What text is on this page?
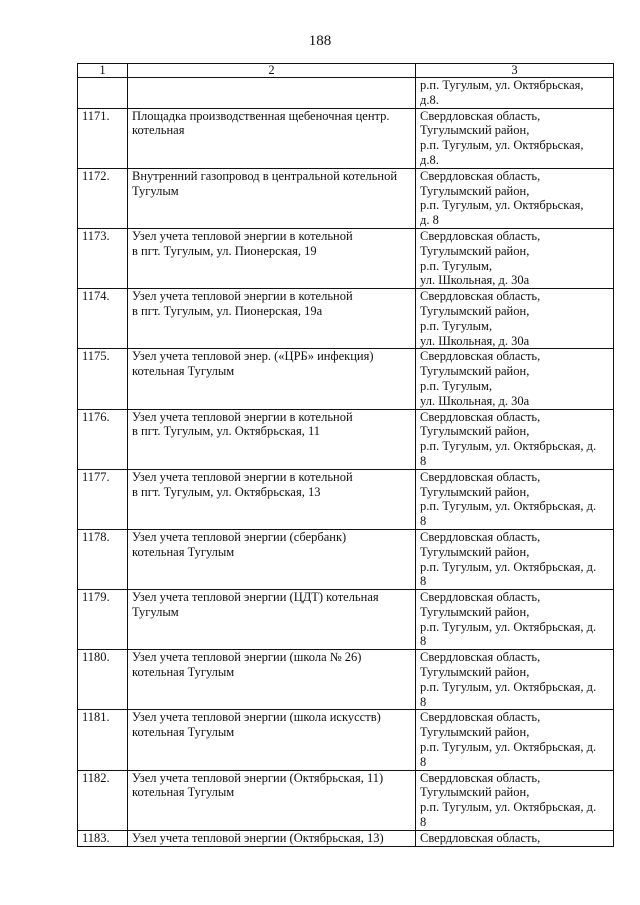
188
1	2	3

		р.п. Тугулым, ул. Октябрьская,
д.8.

1171.	Площадка производственная щебеночная центр.
котельная	Свердловская область,
Тугулымский район,
р.п. Тугулым, ул. Октябрьская,
д.8.

1172.	Внутренний газопровод в центральной котельной
Тугулым	Свердловская область,
Тугулымский район,
р.п. Тугулым, ул. Октябрьская,
д. 8

1173.	Узел учета тепловой энергии в котельной
в пгт. Тугулым, ул. Пионерская, 19	Свердловская область,
Тугулымский район,
р.п. Тугулым,
ул. Школьная, д. 30а

1174.	Узел учета тепловой энергии в котельной
в пгт. Тугулым, ул. Пионерская, 19а	Свердловская область,
Тугулымский район,
р.п. Тугулым,
ул. Школьная, д. 30а

1175.	Узел учета тепловой энер. («ЦРБ» инфекция)
котельная Тугулым	Свердловская область,
Тугулымский район,
р.п. Тугулым,
ул. Школьная, д. 30а

1176.	Узел учета тепловой энергии в котельной
в пгт. Тугулым, ул. Октябрьская, 11	Свердловская область,
Тугулымский район,
р.п. Тугулым, ул. Октябрьская, д.
8

1177.	Узел учета тепловой энергии в котельной
в пгт. Тугулым, ул. Октябрьская, 13	Свердловская область,
Тугулымский район,
р.п. Тугулым, ул. Октябрьская, д.
8

1178.	Узел учета тепловой энергии (сбербанк)
котельная Тугулым	Свердловская область,
Тугулымский район,
р.п. Тугулым, ул. Октябрьская, д.
8

1179.	Узел учета тепловой энергии (ЦДТ) котельная
Тугулым	Свердловская область,
Тугулымский район,
р.п. Тугулым, ул. Октябрьская, д.
8

1180.	Узел учета тепловой энергии (школа № 26)
котельная Тугулым	Свердловская область,
Тугулымский район,
р.п. Тугулым, ул. Октябрьская, д.
8

1181.	Узел учета тепловой энергии (школа искусств)
котельная Тугулым	Свердловская область,
Тугулымский район,
р.п. Тугулым, ул. Октябрьская, д.
8

1182.	Узел учета тепловой энергии (Октябрьская, 11)
котельная Тугулым	Свердловская область,
Тугулымский район,
р.п. Тугулым, ул. Октябрьская, д.
8

1183.	Узел учета тепловой энергии (Октябрьская, 13)	Свердловская область,
